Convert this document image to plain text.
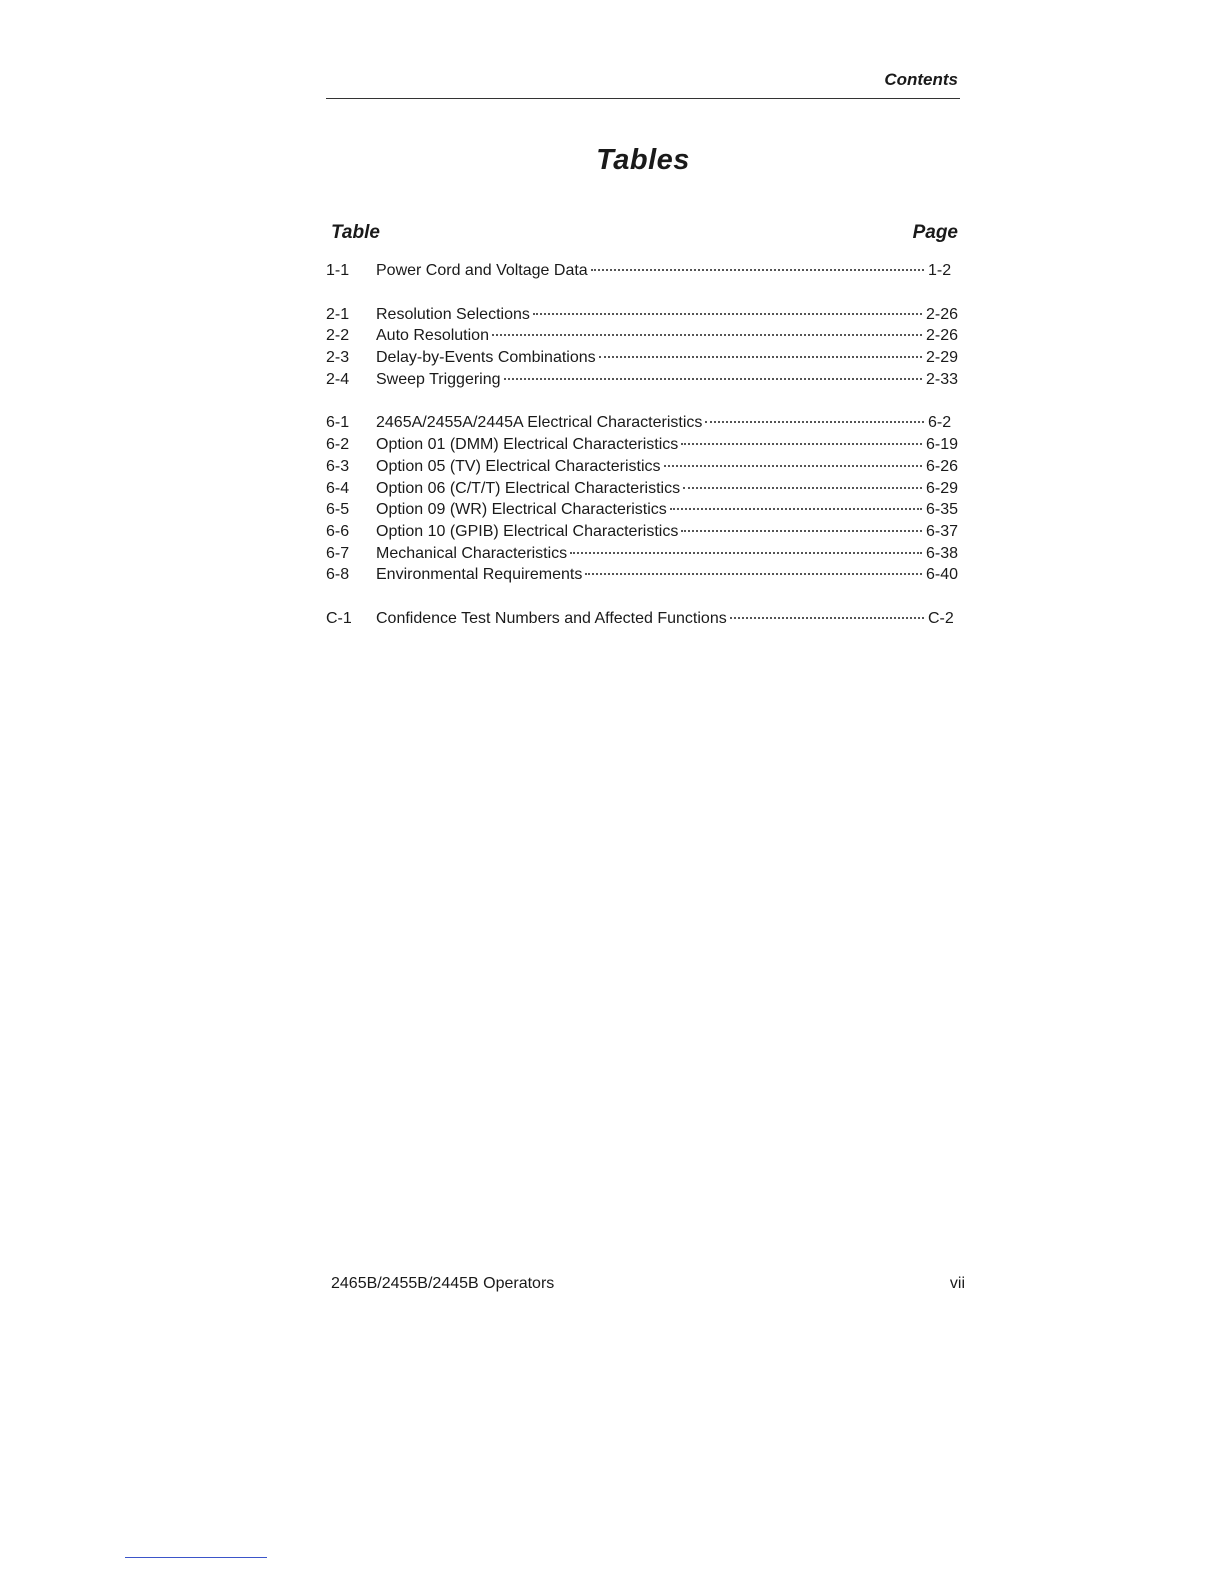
Contents
Tables
Table	Page
1-1	Power Cord and Voltage Data	1-2
2-1	Resolution Selections	2-26
2-2	Auto Resolution	2-26
2-3	Delay-by-Events Combinations	2-29
2-4	Sweep Triggering	2-33
6-1	2465A/2455A/2445A Electrical Characteristics	6-2
6-2	Option 01 (DMM) Electrical Characteristics	6-19
6-3	Option 05 (TV) Electrical Characteristics	6-26
6-4	Option 06 (C/T/T) Electrical Characteristics	6-29
6-5	Option 09 (WR) Electrical Characteristics	6-35
6-6	Option 10 (GPIB) Electrical Characteristics	6-37
6-7	Mechanical Characteristics	6-38
6-8	Environmental Requirements	6-40
C-1	Confidence Test Numbers and Affected Functions	C-2
2465B/2455B/2445B Operators	vii
